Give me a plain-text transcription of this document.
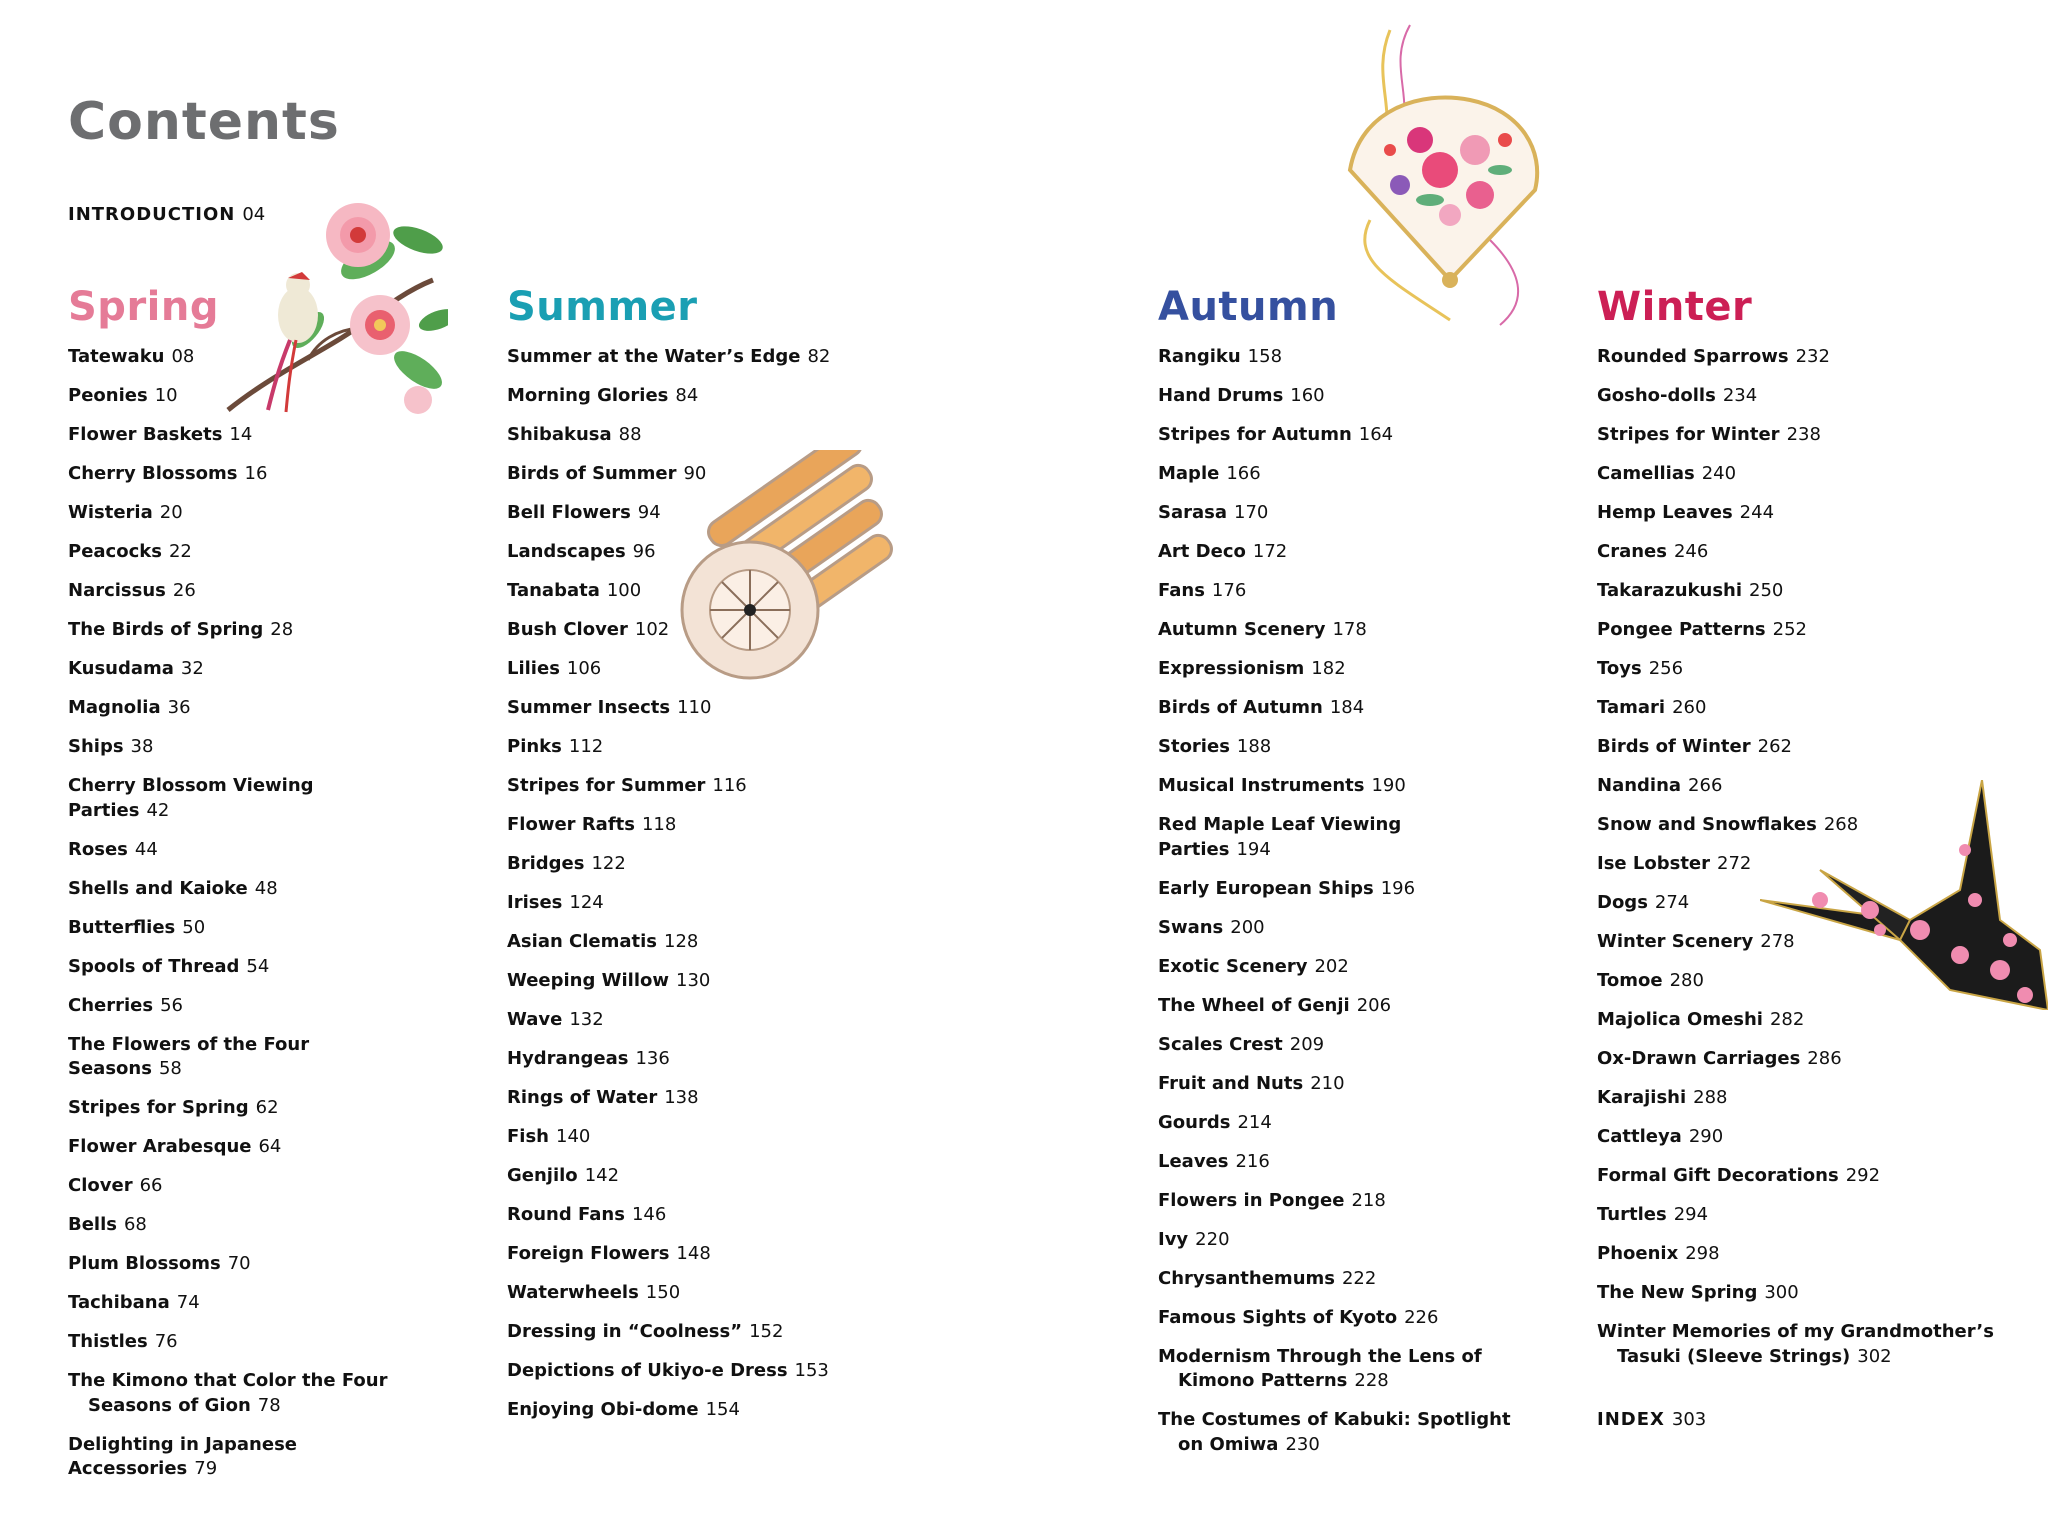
Contents
INTRODUCTION 04
Spring
Tatewaku 08
Peonies 10
Flower Baskets 14
Cherry Blossoms 16
Wisteria 20
Peacocks 22
Narcissus 26
The Birds of Spring 28
Kusudama 32
Magnolia 36
Ships 38
Cherry Blossom Viewing Parties 42
Roses 44
Shells and Kaioke 48
Butterflies 50
Spools of Thread 54
Cherries 56
The Flowers of the Four Seasons 58
Stripes for Spring 62
Flower Arabesque 64
Clover 66
Bells 68
Plum Blossoms 70
Tachibana 74
Thistles 76
The Kimono that Color the Four Seasons of Gion 78
Delighting in Japanese Accessories 79
Summer
Summer at the Water’s Edge 82
Morning Glories 84
Shibakusa 88
Birds of Summer 90
Bell Flowers 94
Landscapes 96
Tanabata 100
Bush Clover 102
Lilies 106
Summer Insects 110
Pinks 112
Stripes for Summer 116
Flower Rafts 118
Bridges 122
Irises 124
Asian Clematis 128
Weeping Willow 130
Wave 132
Hydrangeas 136
Rings of Water 138
Fish 140
Genjilo 142
Round Fans 146
Foreign Flowers 148
Waterwheels 150
Dressing in “Coolness” 152
Depictions of Ukiyo-e Dress 153
Enjoying Obi-dome 154
Autumn
Rangiku 158
Hand Drums 160
Stripes for Autumn 164
Maple 166
Sarasa 170
Art Deco 172
Fans 176
Autumn Scenery 178
Expressionism 182
Birds of Autumn 184
Stories 188
Musical Instruments 190
Red Maple Leaf Viewing Parties 194
Early European Ships 196
Swans 200
Exotic Scenery 202
The Wheel of Genji 206
Scales Crest 209
Fruit and Nuts 210
Gourds 214
Leaves 216
Flowers in Pongee 218
Ivy 220
Chrysanthemums 222
Famous Sights of Kyoto 226
Modernism Through the Lens of Kimono Patterns 228
The Costumes of Kabuki: Spotlight on Omiwa 230
Winter
Rounded Sparrows 232
Gosho-dolls 234
Stripes for Winter 238
Camellias 240
Hemp Leaves 244
Cranes 246
Takarazukushi 250
Pongee Patterns 252
Toys 256
Tamari 260
Birds of Winter 262
Nandina 266
Snow and Snowflakes 268
Ise Lobster 272
Dogs 274
Winter Scenery 278
Tomoe 280
Majolica Omeshi 282
Ox-Drawn Carriages 286
Karajishi 288
Cattleya 290
Formal Gift Decorations 292
Turtles 294
Phoenix 298
The New Spring 300
Winter Memories of my Grandmother’s Tasuki (Sleeve Strings) 302
INDEX 303
